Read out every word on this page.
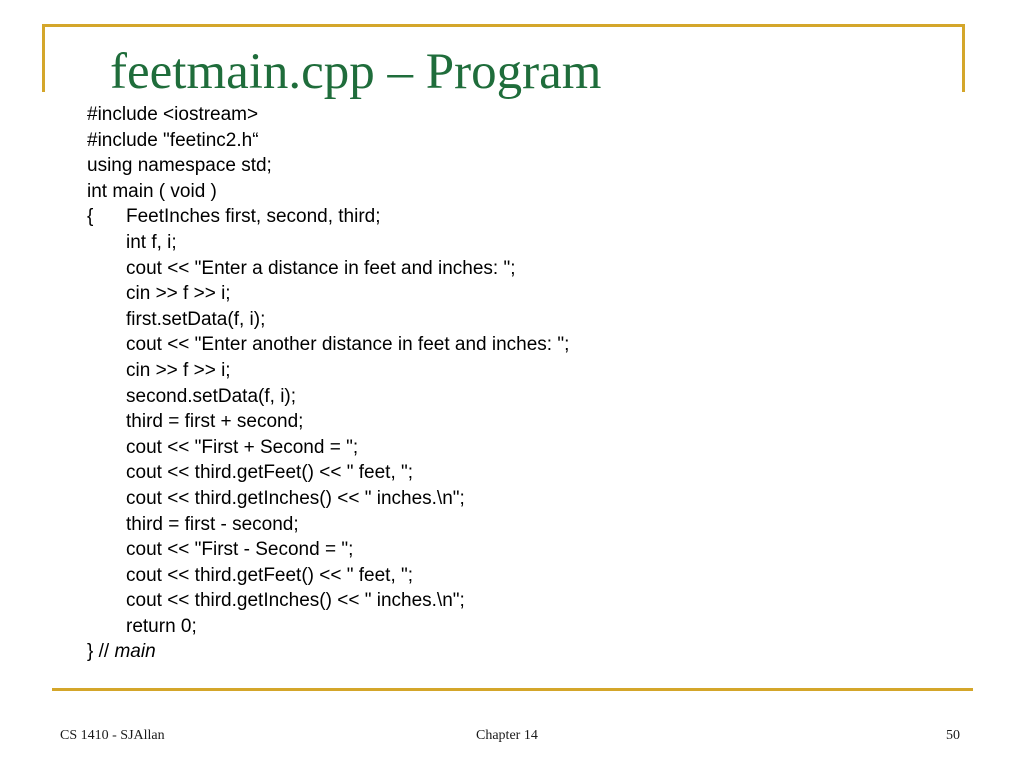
feetmain.cpp – Program
#include <iostream>
#include "feetinc2.h“
using namespace std;
int main ( void )
{ FeetInches first, second, third;
int f, i;
cout << "Enter a distance in feet and inches: ";
cin >> f >> i;
first.setData(f, i);
cout << "Enter another distance in feet and inches: ";
cin >> f >> i;
second.setData(f, i);
third = first + second;
cout << "First + Second = ";
cout << third.getFeet() << " feet, ";
cout << third.getInches() << " inches.\n";
third = first - second;
cout << "First - Second = ";
cout << third.getFeet() << " feet, ";
cout << third.getInches() << " inches.\n";
return 0;
} // main
CS 1410 - SJAllan	Chapter 14	50
